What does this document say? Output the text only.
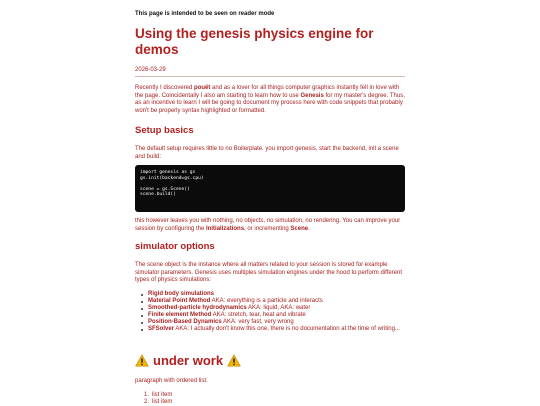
This page is intended to be seen on reader mode
Using the genesis physics engine for demos
2026-03-29

Recently I discovered pouët and as a lover for all things computer graphics instantly fell in love with the page. Coincidentally I also am starting to learn how to use Genesis for my master's degree. Thus, as an incentive to learn I will be going to document my process here with code snippets that probably won't be properly syntax highlighted or formatted.

Setup basics

The default setup requires little to no Boilerplate. you import genesis, start the backend, init a scene and build:

import genesis as gs
gs.init(backend=gs.cpu)
scene = gs.Scene()
scene.build()

this however leaves you with nothing, no objects, no simulation, no rendering. You can improve your session by configuring the Initializations, or incrementing Scene.

simulator options

The scene object is the instance where all matters related to your session is stored for example simulator parameters. Genesis uses multiples simulation engines under the hood to perform different types of physics simulations:

Rigid body simulations
Material Point Method AKA: everything is a particle and interacts
Smoothed-particle hydrodynamics AKA: liquid, AKA: water
Finite element Method AKA: stretch, tear, heat and vibrate
Position-Based Dynamics AKA: very fast, very wrong
SFSolver AKA: I actually don't know this one, there is no documentation at the time of writing...
under work

paragraph with ordered list:

1. list item
2. list item
